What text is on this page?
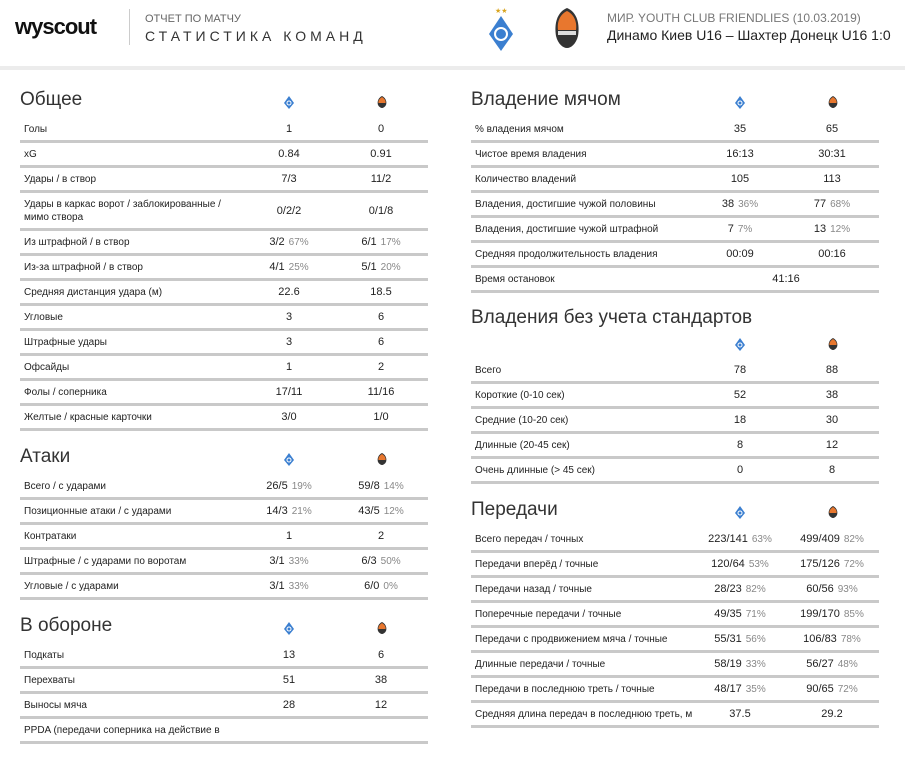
wyscout	ОТЧЕТ ПО МАТЧУ
СТАТИСТИКА КОМАНД
★★	МИР. YOUTH CLUB FRIENDLIES (10.03.2019)
Динамо Киев U16 – Шахтер Донецк U16 1:0
Общее
Голы	1	0
xG	0.84	0.91
Удары / в створ	7/3	11/2
Удары в каркас ворот / заблокированные / мимо створа
0/2/2	0/1/8
Из штрафной / в створ	3/2 67%	6/1 17%
Из-за штрафной / в створ	4/1 25%	5/1 20%
Средняя дистанция удара (м)	22.6	18.5
Угловые	3	6
Штрафные удары	3	6
Офсайды	1	2
Фолы / соперника	17/11	11/16
Желтые / красные карточки	3/0	1/0
Атаки
Всего / с ударами	26/5 19%	59/8 14%
Позиционные атаки / с ударами	14/3 21%	43/5 12%
Контратаки	1	2
Штрафные / с ударами по воротам	3/1 33%	6/3 50%
Угловые / с ударами	3/1 33%	6/0 0%
В обороне
Подкаты	13	6
Перехваты	51	38
Выносы мяча	28	12
PPDA (передачи соперника на действие в
Владение мячом
% владения мячом	35	65
Чистое время владения	16:13	30:31
Количество владений	105	113
Владения, достигшие чужой половины	38 36%	77 68%
Владения, достигшие чужой штрафной	7 7%	13 12%
Средняя продолжительность владения	00:09	00:16
Время остановок	41:16
Владения без учета стандартов
Всего	78	88
Короткие (0-10 сек)	52	38
Средние (10-20 сек)	18	30
Длинные (20-45 сек)	8	12
Очень длинные (> 45 сек)	0	8
Передачи
Всего передач / точных	223/141 63%	499/409 82%
Передачи вперёд / точные	120/64 53%	175/126 72%
Передачи назад / точные	28/23 82%	60/56 93%
Поперечные передачи / точные	49/35 71%	199/170 85%
Передачи с продвижением мяча / точные	55/31 56%	106/83 78%
Длинные передачи / точные	58/19 33%	56/27 48%
Передачи в последнюю треть / точные	48/17 35%	90/65 72%
Средняя длина передач в последнюю треть, м	37.5	29.2
